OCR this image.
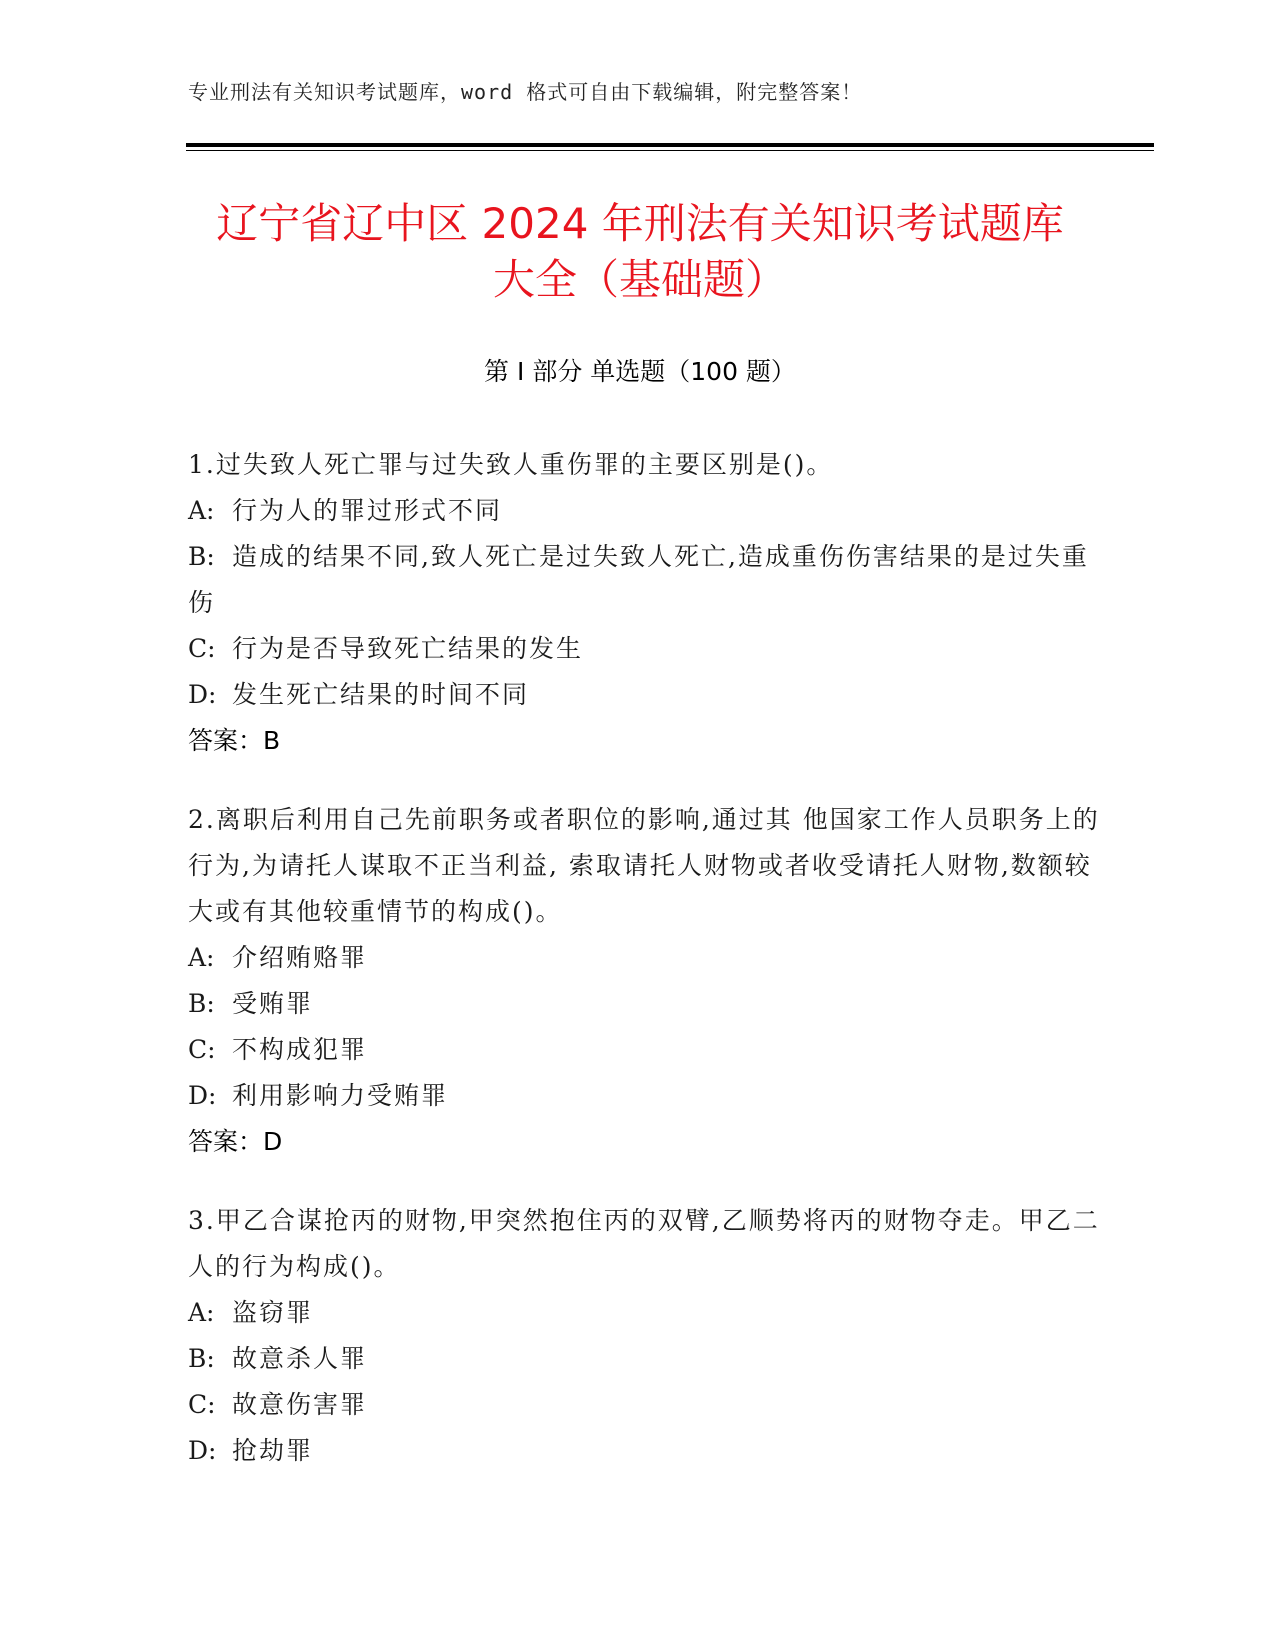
专业刑法有关知识考试题库，word 格式可自由下载编辑，附完整答案！
辽宁省辽中区 2024 年刑法有关知识考试题库
大全（基础题）
第 I 部分 单选题（100 题）
1.过失致人死亡罪与过失致人重伤罪的主要区别是()。
A: 行为人的罪过形式不同
B: 造成的结果不同,致人死亡是过失致人死亡,造成重伤伤害结果的是过失重伤
C: 行为是否导致死亡结果的发生
D: 发生死亡结果的时间不同
答案：B
2.离职后利用自己先前职务或者职位的影响,通过其 他国家工作人员职务上的行为,为请托人谋取不正当利益, 索取请托人财物或者收受请托人财物,数额较大或有其他较重情节的构成()。
A: 介绍贿赂罪
B: 受贿罪
C: 不构成犯罪
D: 利用影响力受贿罪
答案：D
3.甲乙合谋抢丙的财物,甲突然抱住丙的双臂,乙顺势将丙的财物夺走。甲乙二人的行为构成()。
A: 盗窃罪
B: 故意杀人罪
C: 故意伤害罪
D: 抢劫罪
